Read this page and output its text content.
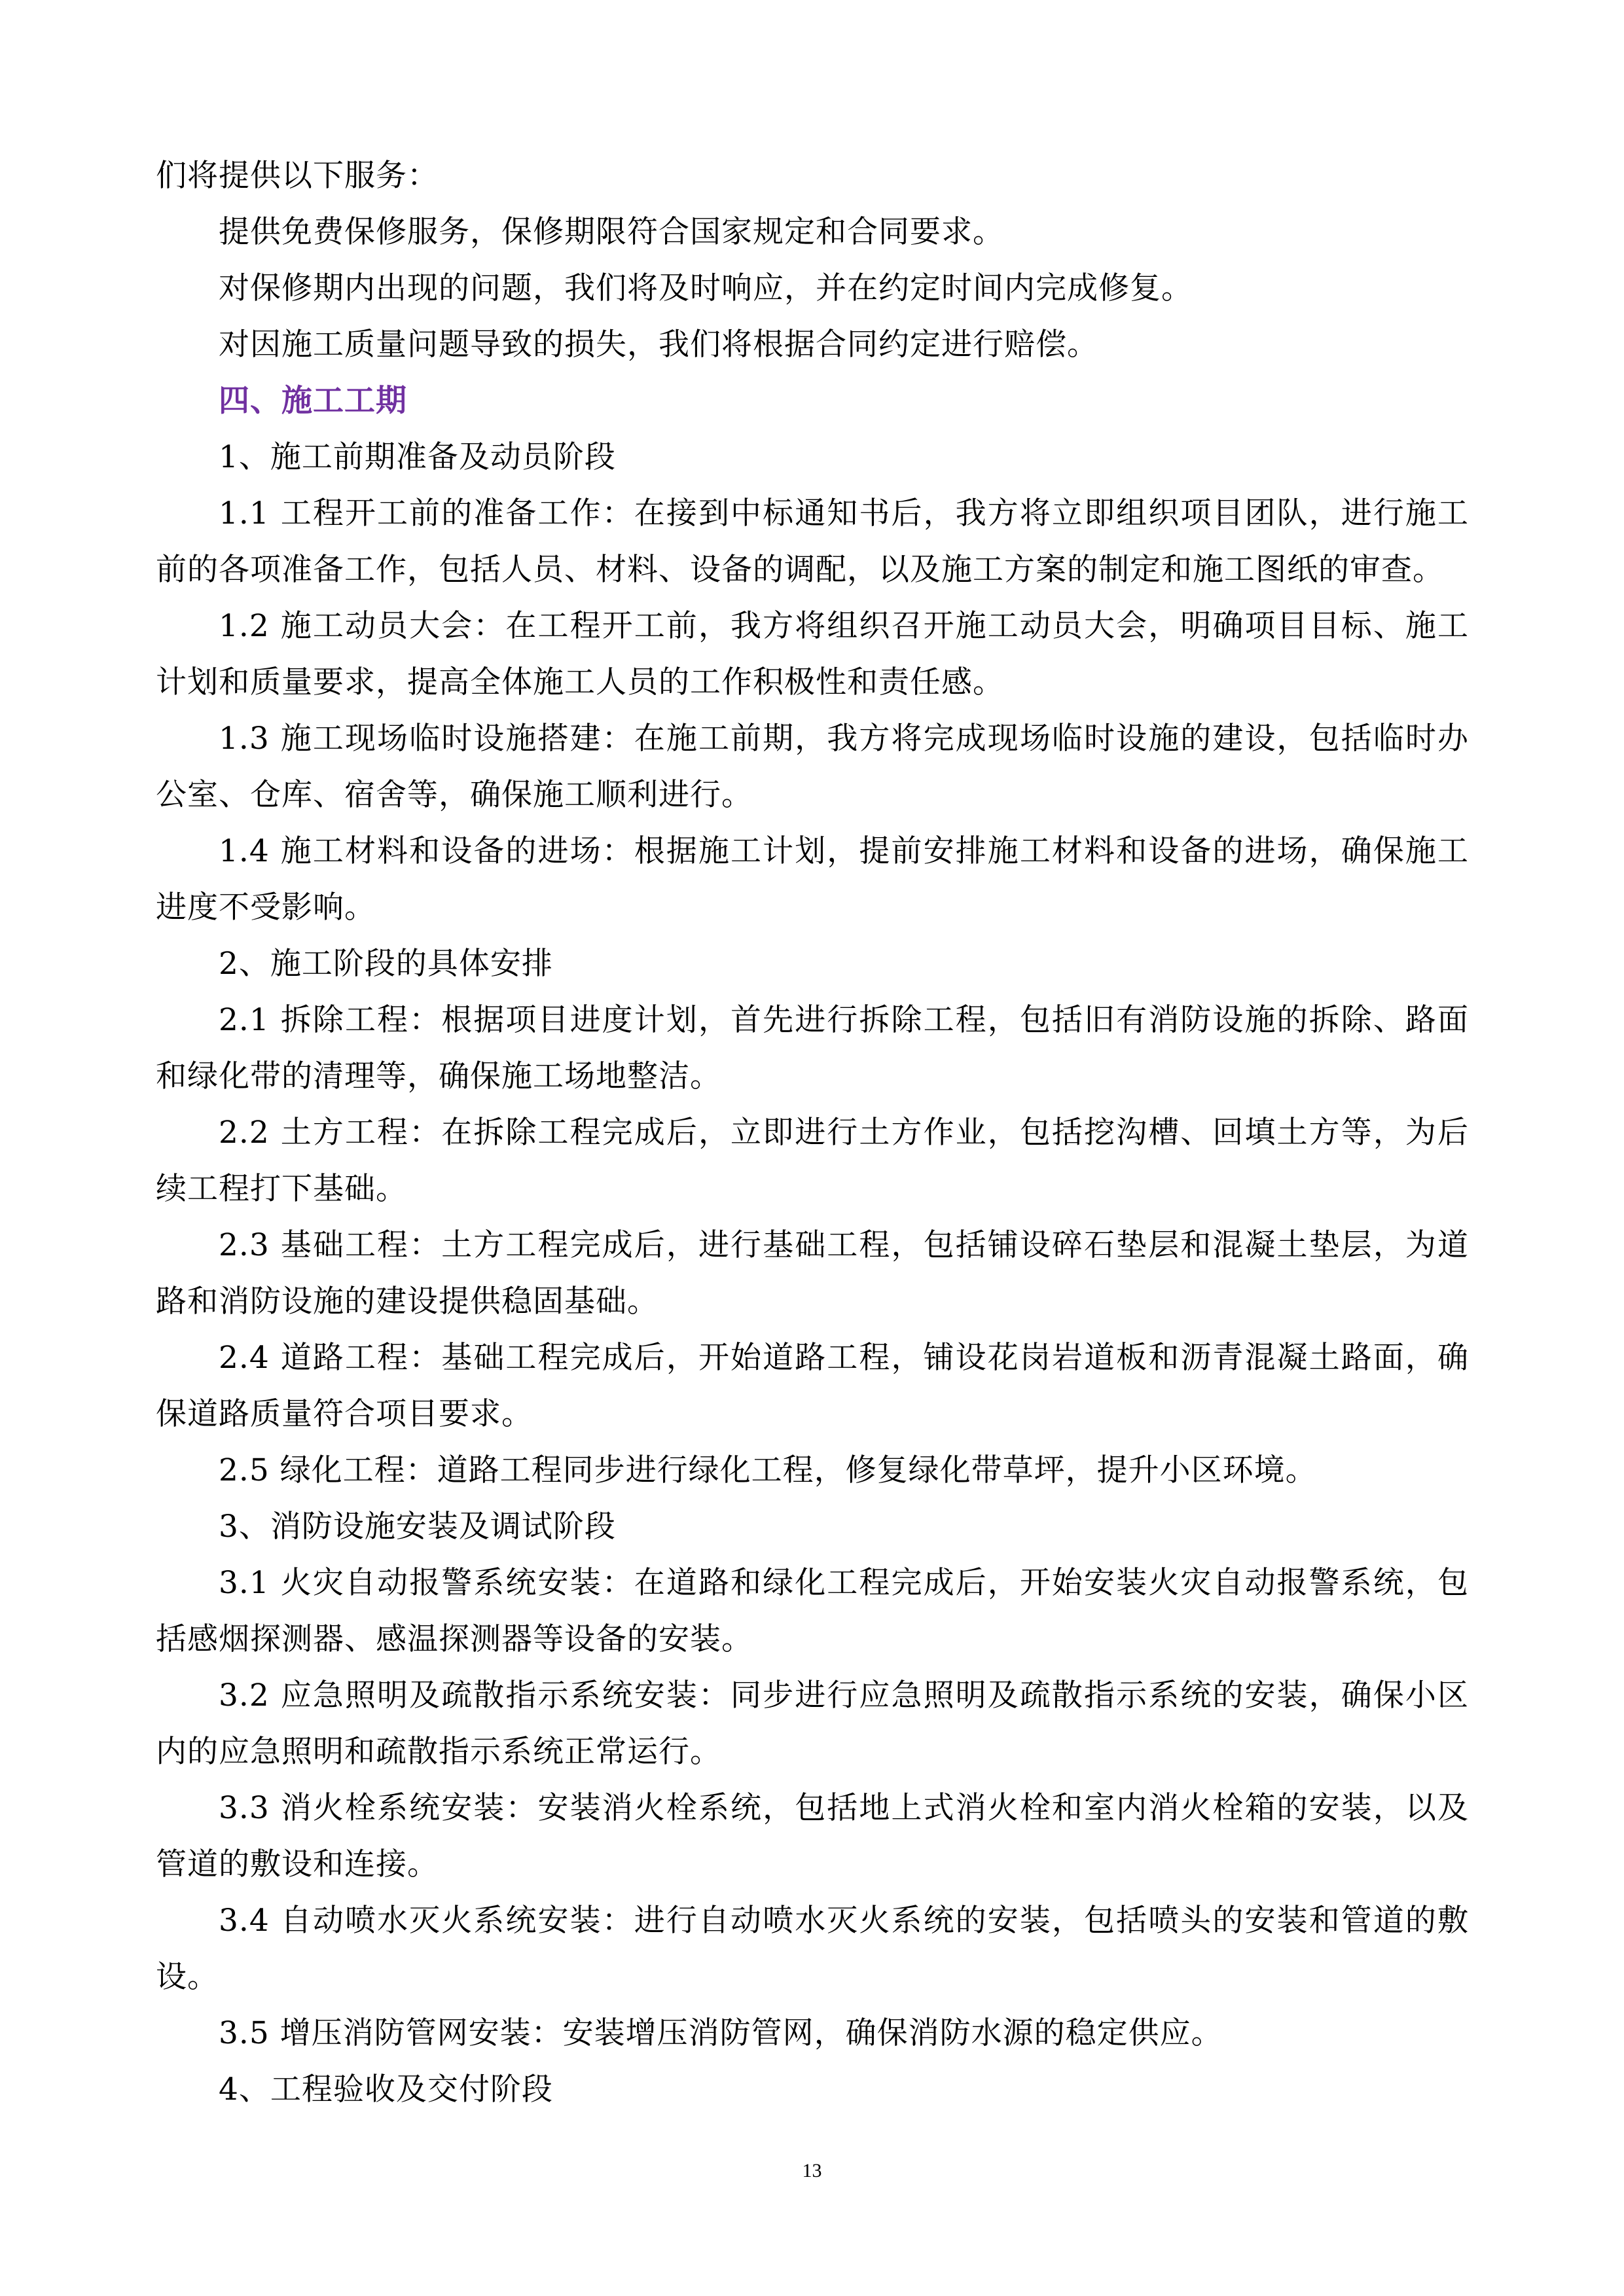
们将提供以下服务：

提供免费保修服务，保修期限符合国家规定和合同要求。

对保修期内出现的问题，我们将及时响应，并在约定时间内完成修复。

对因施工质量问题导致的损失，我们将根据合同约定进行赔偿。

四、施工工期

1、施工前期准备及动员阶段

1.1 工程开工前的准备工作：在接到中标通知书后，我方将立即组织项目团队，进行施工前的各项准备工作，包括人员、材料、设备的调配，以及施工方案的制定和施工图纸的审查。

1.2 施工动员大会：在工程开工前，我方将组织召开施工动员大会，明确项目目标、施工计划和质量要求，提高全体施工人员的工作积极性和责任感。

1.3 施工现场临时设施搭建：在施工前期，我方将完成现场临时设施的建设，包括临时办公室、仓库、宿舍等，确保施工顺利进行。

1.4 施工材料和设备的进场：根据施工计划，提前安排施工材料和设备的进场，确保施工进度不受影响。

2、施工阶段的具体安排

2.1 拆除工程：根据项目进度计划，首先进行拆除工程，包括旧有消防设施的拆除、路面和绿化带的清理等，确保施工场地整洁。

2.2 土方工程：在拆除工程完成后，立即进行土方作业，包括挖沟槽、回填土方等，为后续工程打下基础。

2.3 基础工程：土方工程完成后，进行基础工程，包括铺设碎石垫层和混凝土垫层，为道路和消防设施的建设提供稳固基础。

2.4 道路工程：基础工程完成后，开始道路工程，铺设花岗岩道板和沥青混凝土路面，确保道路质量符合项目要求。

2.5 绿化工程：道路工程同步进行绿化工程，修复绿化带草坪，提升小区环境。

3、消防设施安装及调试阶段

3.1 火灾自动报警系统安装：在道路和绿化工程完成后，开始安装火灾自动报警系统，包括感烟探测器、感温探测器等设备的安装。

3.2 应急照明及疏散指示系统安装：同步进行应急照明及疏散指示系统的安装，确保小区内的应急照明和疏散指示系统正常运行。

3.3 消火栓系统安装：安装消火栓系统，包括地上式消火栓和室内消火栓箱的安装，以及管道的敷设和连接。

3.4 自动喷水灭火系统安装：进行自动喷水灭火系统的安装，包括喷头的安装和管道的敷设。

3.5 增压消防管网安装：安装增压消防管网，确保消防水源的稳定供应。

4、工程验收及交付阶段

13
